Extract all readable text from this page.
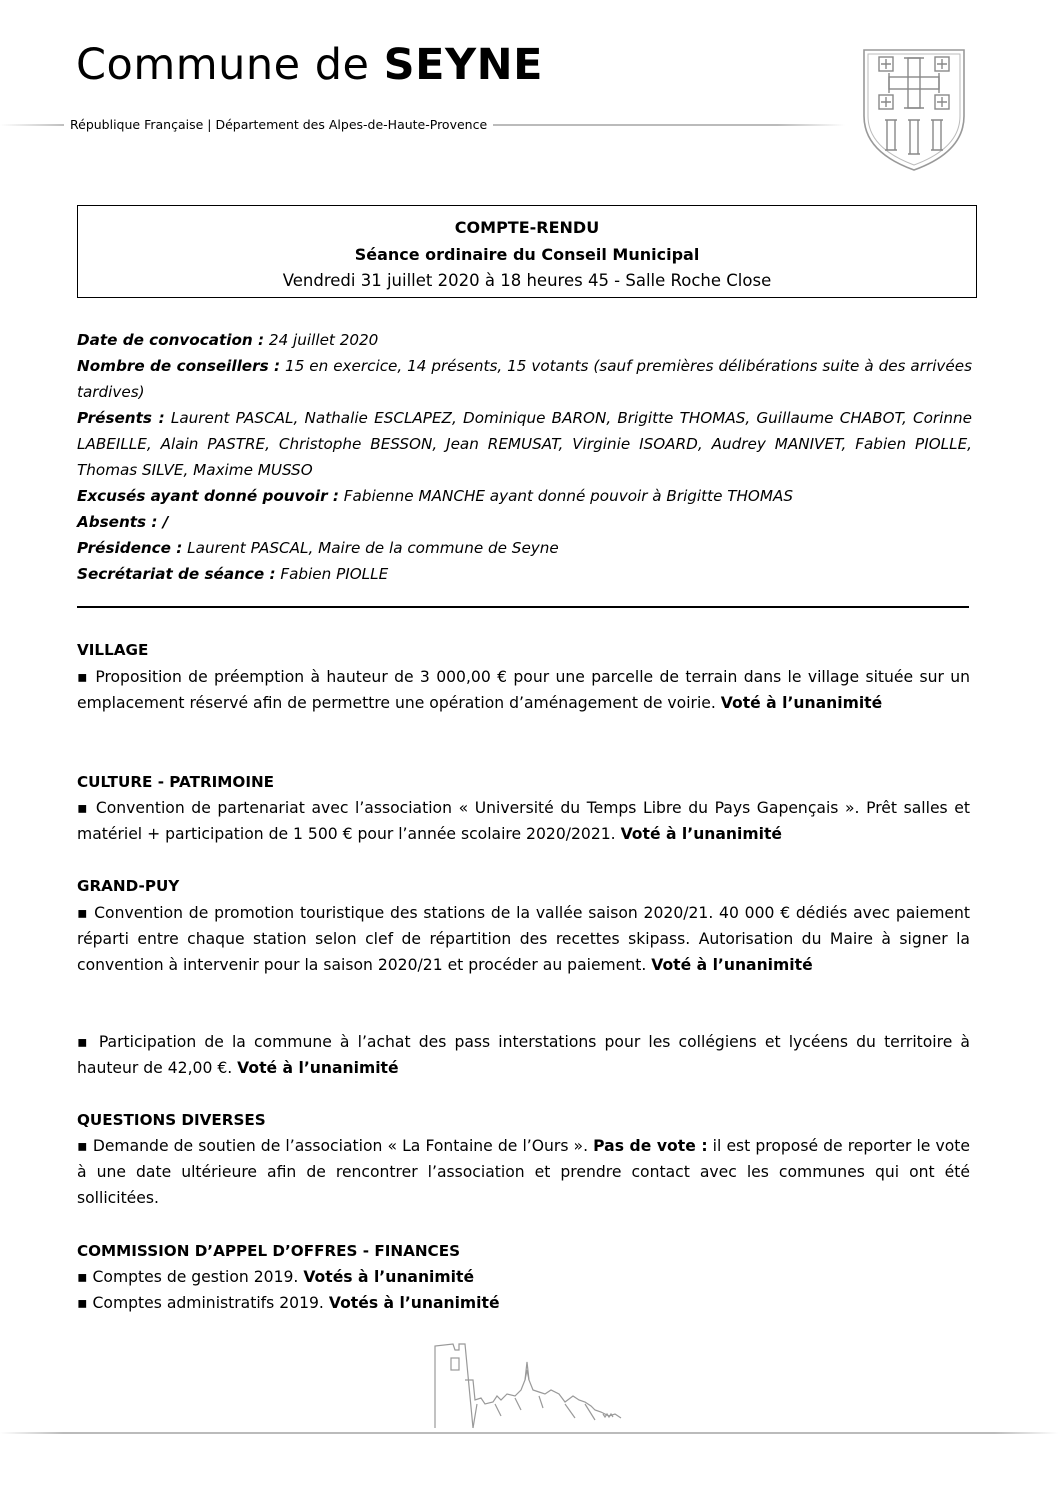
Commune de SEYNE
République Française | Département des Alpes-de-Haute-Provence
COMPTE-RENDU
Séance ordinaire du Conseil Municipal
Vendredi 31 juillet 2020 à 18 heures 45 - Salle Roche Close
Date de convocation : 24 juillet 2020
Nombre de conseillers : 15 en exercice, 14 présents, 15 votants (sauf premières délibérations suite à des arrivées tardives)
Présents : Laurent PASCAL, Nathalie ESCLAPEZ, Dominique BARON, Brigitte THOMAS, Guillaume CHABOT, Corinne LABEILLE, Alain PASTRE, Christophe BESSON, Jean REMUSAT, Virginie ISOARD, Audrey MANIVET, Fabien PIOLLE, Thomas SILVE, Maxime MUSSO
Excusés ayant donné pouvoir : Fabienne MANCHE ayant donné pouvoir à Brigitte THOMAS
Absents : /
Présidence : Laurent PASCAL, Maire de la commune de Seyne
Secrétariat de séance : Fabien PIOLLE
VILLAGE
▪ Proposition de préemption à hauteur de 3 000,00 € pour une parcelle de terrain dans le village située sur un emplacement réservé afin de permettre une opération d’aménagement de voirie. Voté à l’unanimité
CULTURE - PATRIMOINE
▪ Convention de partenariat avec l’association « Université du Temps Libre du Pays Gapençais ». Prêt salles et matériel + participation de 1 500 € pour l’année scolaire 2020/2021. Voté à l’unanimité
GRAND-PUY
▪ Convention de promotion touristique des stations de la vallée saison 2020/21. 40 000 € dédiés avec paiement réparti entre chaque station selon clef de répartition des recettes skipass. Autorisation du Maire à signer la convention à intervenir pour la saison 2020/21 et procéder au paiement. Voté à l’unanimité
▪ Participation de la commune à l’achat des pass interstations pour les collégiens et lycéens du territoire à hauteur de 42,00 €. Voté à l’unanimité
QUESTIONS DIVERSES
▪ Demande de soutien de l’association « La Fontaine de l’Ours ». Pas de vote : il est proposé de reporter le vote à une date ultérieure afin de rencontrer l’association et prendre contact avec les communes qui ont été sollicitées.
COMMISSION D’APPEL D’OFFRES - FINANCES
▪ Comptes de gestion 2019. Votés à l’unanimité
▪ Comptes administratifs 2019. Votés à l’unanimité
